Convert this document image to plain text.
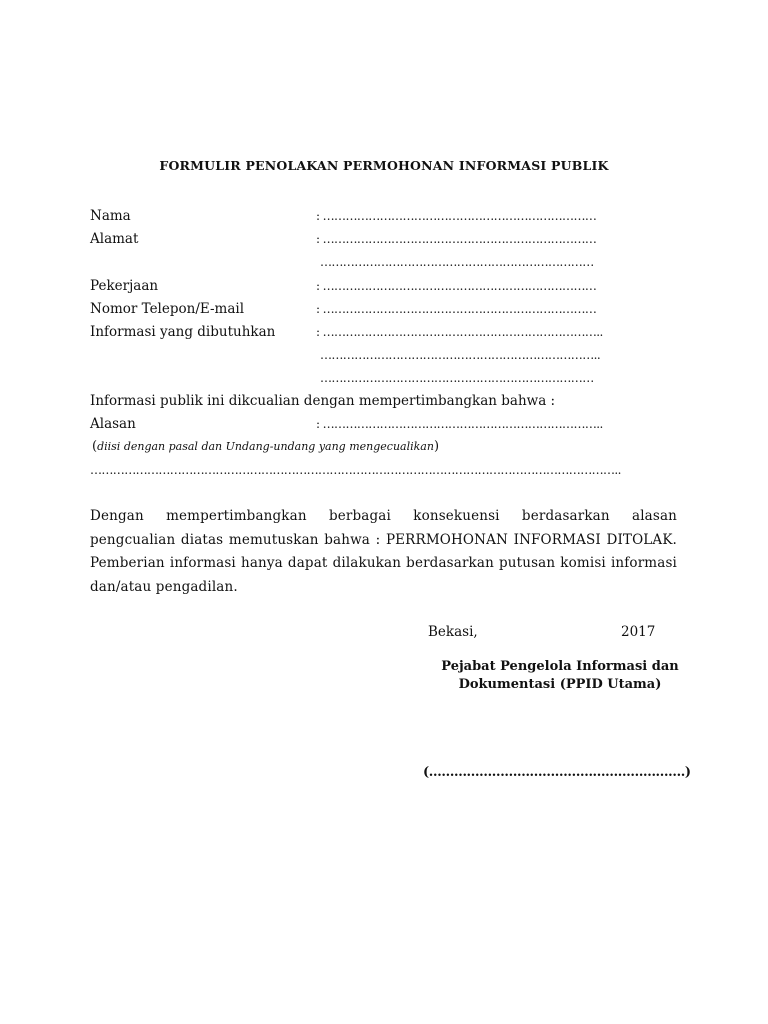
FORMULIR PENOLAKAN PERMOHONAN INFORMASI PUBLIK
Nama	: ………………………………………………………………
Alamat	: ………………………………………………………………
………………………………………………………………
Pekerjaan	: ………………………………………………………………
Nomor Telepon/E-mail	: ………………………………………………………………
Informasi yang dibutuhkan	: ………………………………………………………………..
………………………………………………………………..
………………………………………………………………
Informasi publik ini dikcualian dengan mempertimbangkan bahwa :
Alasan	: ………………………………………………………………..
(diisi dengan pasal dan Undang-undang yang mengecualikan)
…………………………………………………………………………………………………………………………..
Dengan mempertimbangkan berbagai konsekuensi berdasarkan alasan pengcualian diatas memutuskan bahwa : PERRMOHONAN INFORMASI DITOLAK. Pemberian informasi hanya dapat dilakukan berdasarkan putusan komisi informasi dan/atau pengadilan.
Bekasi,	2017
Pejabat Pengelola Informasi dan
Dokumentasi (PPID Utama)
(…………………………………………………….)
